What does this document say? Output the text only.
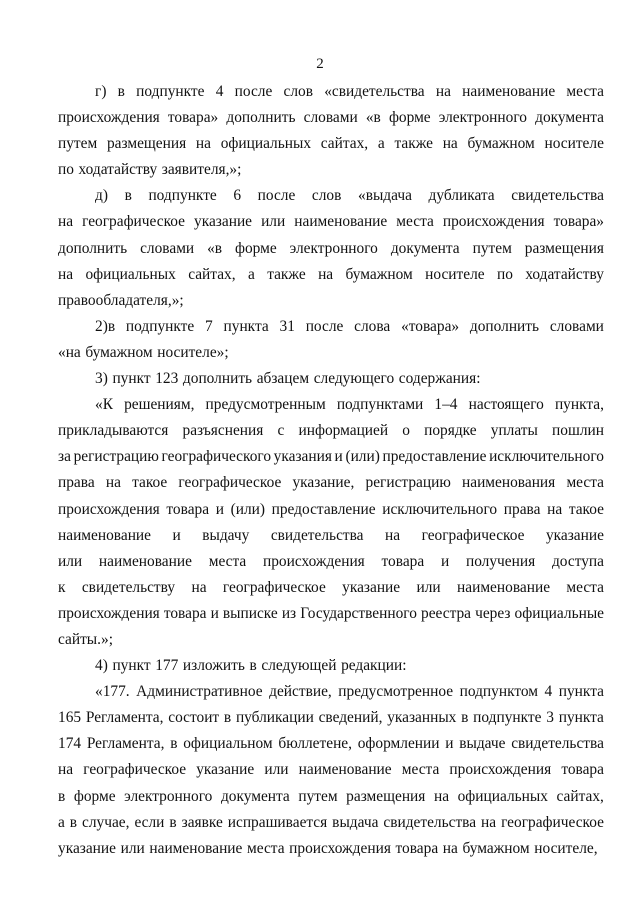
2
г) в подпункте 4 после слов «свидетельства на наименование места
происхождения товара» дополнить словами «в форме электронного документа
путем размещения на официальных сайтах, а также на бумажном носителе
по ходатайству заявителя,»;
д) в подпункте 6 после слов «выдача дубликата свидетельства
на географическое указание или наименование места происхождения товара»
дополнить словами «в форме электронного документа путем размещения
на официальных сайтах, а также на бумажном носителе по ходатайству
правообладателя,»;
2)в подпункте 7 пункта 31 после слова «товара» дополнить словами
«на бумажном носителе»;
3) пункт 123 дополнить абзацем следующего содержания:
«К решениям, предусмотренным подпунктами 1–4 настоящего пункта,
прикладываются разъяснения с информацией о порядке уплаты пошлин
за регистрацию географического указания и (или) предоставление исключительного
права на такое географическое указание, регистрацию наименования места
происхождения товара и (или) предоставление исключительного права на такое
наименование и выдачу свидетельства на географическое указание
или наименование места происхождения товара и получения доступа
к свидетельству на географическое указание или наименование места
происхождения товара и выписке из Государственного реестра через официальные
сайты.»;
4) пункт 177 изложить в следующей редакции:
«177. Административное действие, предусмотренное подпунктом 4 пункта
165 Регламента, состоит в публикации сведений, указанных в подпункте 3 пункта
174 Регламента, в официальном бюллетене, оформлении и выдаче свидетельства
на географическое указание или наименование места происхождения товара
в форме электронного документа путем размещения на официальных сайтах,
а в случае, если в заявке испрашивается выдача свидетельства на географическое
указание или наименование места происхождения товара на бумажном носителе,
